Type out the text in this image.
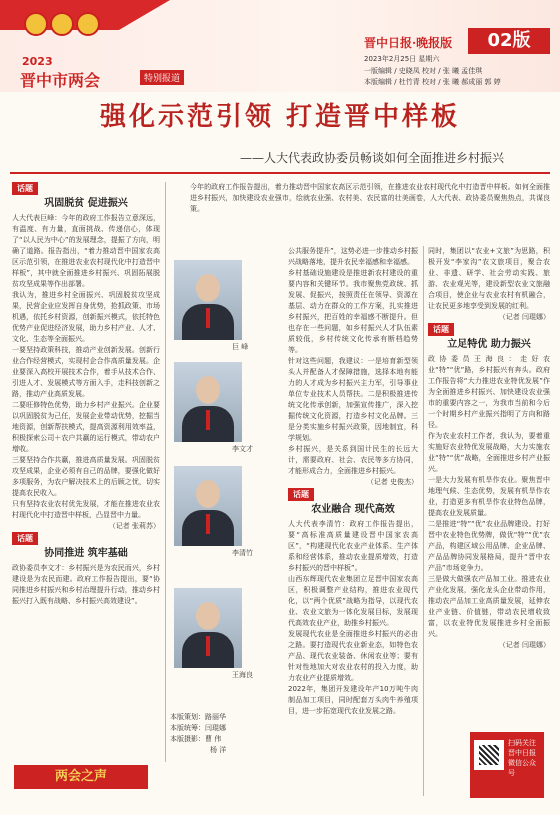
2023
晋中市两会	特别报道
晋中日报·晚报版	02版
2023年2月25日 星期六
一版编辑 / 史晓凤 校对 / 张 曦 孟佳琪
本版编辑 / 杜竹青 校对 / 张 曦 郝成丽 郭 婷
强化示范引领 打造晋中样板
——人大代表政协委员畅谈如何全面推进乡村振兴
今年的政府工作报告提出，着力推动晋中国家农高区示范引领，在推进农业农村现代化中打造晋中样板。如何全面推进乡村振兴，加快建设农业强市，绘就农业强、农村美、农民富的壮美画卷，人大代表、政协委员聚焦热点，共谋良策。
话题
巩固脱贫 促进振兴
人大代表巨峰：今年的政府工作报告立意深远，有温度、有力量，直面挑战、传递信心，体现了“以人民为中心”的发展理念，提振了方向，明确了道路。报告指出，“着力推动晋中国家农高区示范引领，在推进农业农村现代化中打造晋中样板”，其中就全面推进乡村振兴、巩固拓展脱贫攻坚成果等作出部署。
我认为，推进乡村全面振兴、巩固脱贫攻坚成果，民营企业应发挥自身优势，抢抓政策、市场机遇，依托乡村资源，创新振兴模式，依托特色优势产业促进经济发展，助力乡村产业、人才、文化、生态等全面振兴。
一要坚持政策科技，推动产业创新发展。创新行业合作经营模式，实现村企合作高质量发展。企业要深入高校开展技术合作，着手从技术合作、引进人才、发展模式等方面入手，走科技创新之路，推动产业高质发展。
二要旺修特色优势，助力乡村产业振兴。企业要以巩固脱贫为己任，发展企业带动优势，挖掘当地资源，创新帮扶模式，提高资源利用效率益，积极探索公司＋农户共赢的运行模式，带动农户增收。
三要坚持合作共赢，推进高质量发展。巩固脱贫攻坚成果，企业必须有自己的品牌，要强化做好多项服务，为农户解决技术上的后顾之忧，切实提高农民收入。
只有坚持农业农村优先发展，才能在推进农业农村现代化中打造晋中样板，凸显晋中力量。
（记者 张莉苏）
话题
协同推进 筑牢基础
政协委员李文才：乡村振兴是为农民而兴，乡村建设是为农民而建。政府工作报告提出，要“协同推进乡村振兴和乡村治理提升行动，推动乡村振兴打入既有战略、乡村振兴高效建设”。
巨 峰
李文才
李清竹
王海良
公共服务提升”，这势必进一步推动乡村振兴战略落地，提升农民幸福感和幸福感。
乡村基础设施建设是推进新农村建设的重要内容和关键环节。我市聚焦党政统、抓发展、促振兴，按照责任在领导、资源在基层、动力在群众的工作方案，扎实推进乡村振兴，把百姓的幸福感不断提升。但也存在一些问题，如乡村振兴人才队伍素质较低，乡村传统文化传承有断档趋势等。
针对这些问题，我建议：一是培育新型领头人并配备人才保障措施，选择本地有能力的人才成为乡村振兴主力军，引导事业单位专业技术人员帮扶。二是积极推进传统文化传承创新，加强宣传推广，深入挖掘传统文化资源，打造乡村文化品牌。三是分类实施乡村振兴政策，因地制宜，科学规划。
乡村振兴，是关系到国计民生的长远大计，需要政府、社会、农民等多方协同，才能形成合力，全面推进乡村振兴。
（记者 史俊杰）
话题
农业融合 现代高效
人大代表李清竹：政府工作报告提出，要“高标准高质量建设晋中国家农高区”，“构建现代化农业产业体系、生产体系和经营体系，推动农业提质增效，打造乡村振兴的晋中样板”。
山西东辉现代农业集团立足晋中国家农高区，积极调整产业结构，推进农业现代化，以“两个优质”战略为指导，以现代农业、农业文旅为一体化发展目标，发展现代高效农业产业，助推乡村振兴。
发展现代农业是全面推进乡村振兴的必由之路。要打造现代农业新业态，如特色农产品、现代农业装备、休闲农业等；要有针对性地加大对农业农村的投入力度，助力农业产业提质增效。
2022年，集团开发建设年产10万吨牛肉制品加工项目，同时配套万头肉牛养殖项目，进一步拓宽现代农业发展之路。
同时，集团以“农业+文旅”为思路，积极开发“李家沟”农文旅项目，聚合农业、非遗、研学、社会劳动实践、旅游、农业观光等，建设新型农业文旅融合项目，使企业与农业农村有机融合，让农民更多地享受到发展的红利。
（记者 闫琨娜）
话题
立足特优 助力振兴
政协委员王海良：走好农业“特”“优”路，乡村振兴有奔头。政府工作报告将“大力推进农业特优发展”作为全面推进乡村振兴、加快建设农业强市的重要内容之一，为我市当前和今后一个时期乡村产业振兴指明了方向和路径。
作为农业农村工作者，我认为，要着重实施好农业特优发展战略，大力实施农业“特”“优”战略，全面推进乡村产业振兴。
一是大力发展有机旱作农业。聚焦晋中地理气候、生态优势，发展有机旱作农业，打造更多有机旱作农业特色品牌，提高农业发展质量。
二是推进“特”“优”农业品牌建设。打好晋中农业特色优势牌，做优“特”“优”农产品，构建区域公用品牌、企业品牌、产品品牌协同发展格局，提升“晋中农产品”市场竞争力。
三是做大做强农产品加工业。推进农业产业化发展，强化龙头企业带动作用，推动农产品加工业高质量发展，延伸农业产业链、价值链，带动农民增收致富，以农业特优发展推进乡村全面振兴。
（记者 闫琨娜）
本版策划：路丽华
本版统筹：闫琨娜
本版摄影：曹 伟
杨 洋
两会之声
扫码关注 晋中日报 微信公众号
